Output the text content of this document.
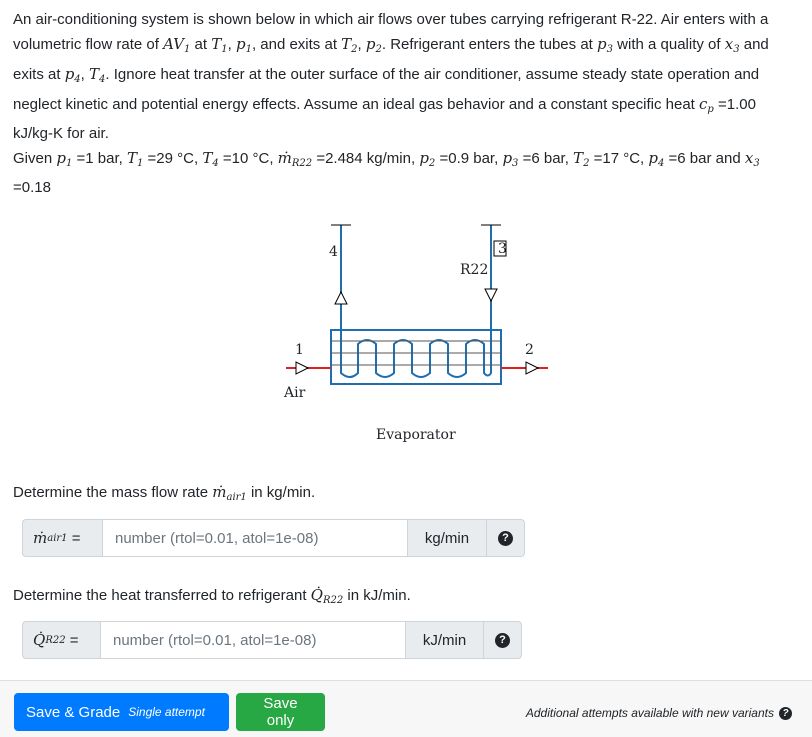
An air-conditioning system is shown below in which air flows over tubes carrying refrigerant R-22. Air enters with a volumetric flow rate of $AV_1$ at $T_1$, $p_1$, and exits at $T_2$, $p_2$. Refrigerant enters the tubes at $p_3$ with a quality of $x_3$ and exits at $p_4$, $T_4$. Ignore heat transfer at the outer surface of the air conditioner, assume steady state operation and neglect kinetic and potential energy effects. Assume an ideal gas behavior and a constant specific heat $c_p =1.00$ kJ/kg-K for air.

Given $p_1 =1$ bar, $T_1 =29$ °C, $T_4 =10$ °C, ṁ$_{R22}$ =2.484 kg/min, $p_2 =0.9$ bar, $p_3 =6$ bar, $T_2 =17$ °C, $p_4 =6$ bar and $x_3 =0.18$

4	3
R22
1	2
Air
Evaporator

Determine the mass flow rate ṁ$_{air1}$ in kg/min.

ṁ air1 =
number (rtol=0.01, atol=1e-08)	kg/min	?

Determine the heat transferred to refrigerant $Q̇_{R22}$ in kJ/min.

Q̇ R22 =
number (rtol=0.01, atol=1e-08)	kJ/min	?
Save & Grade Single attempt	Save only	Additional attempts available with new variants ?
